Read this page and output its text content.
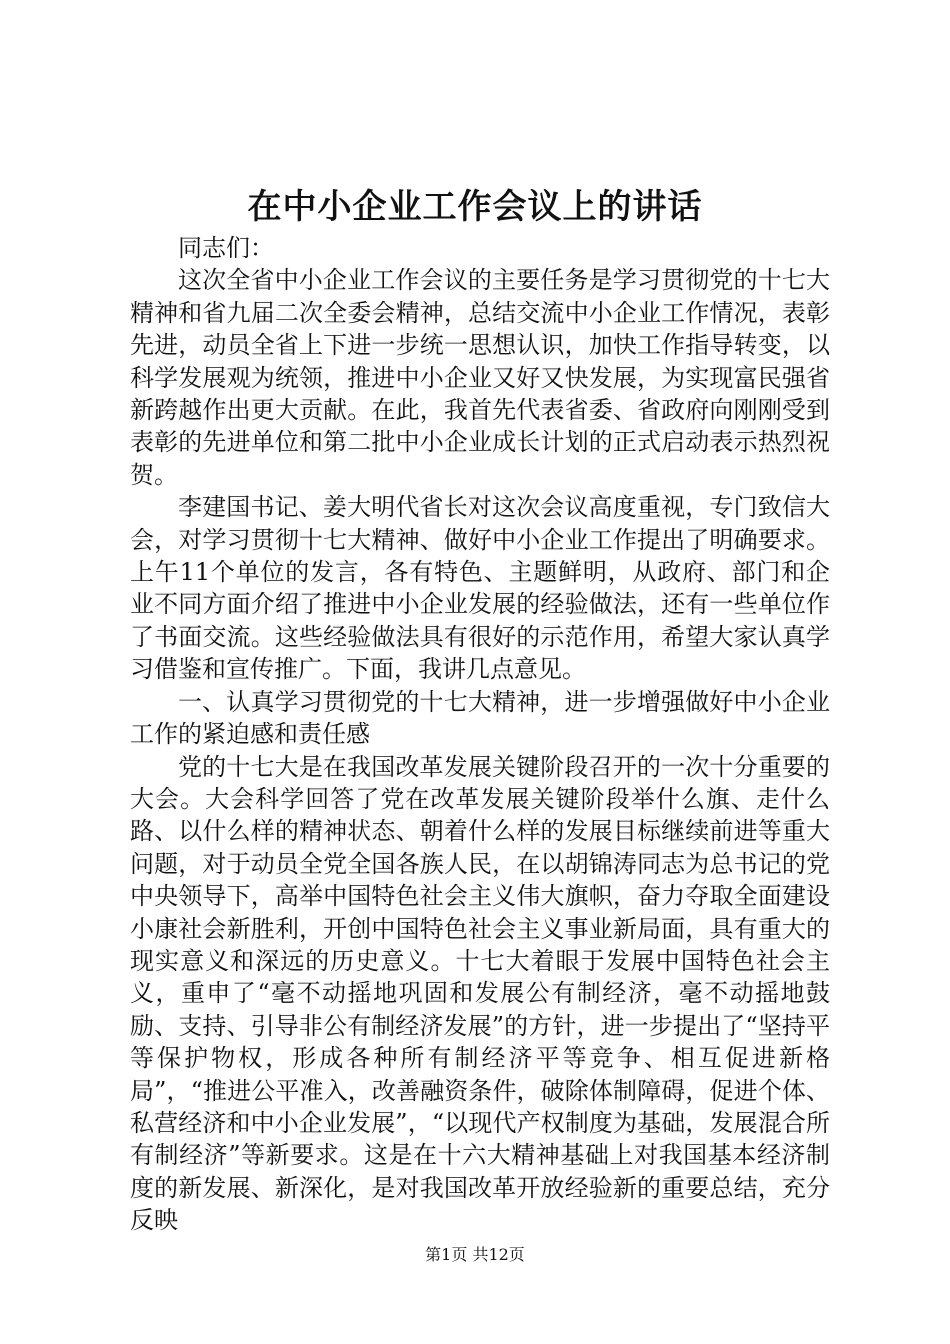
在中小企业工作会议上的讲话

同志们：

这次全省中小企业工作会议的主要任务是学习贯彻党的十七大精神和省九届二次全委会精神，总结交流中小企业工作情况，表彰先进，动员全省上下进一步统一思想认识，加快工作指导转变，以科学发展观为统领，推进中小企业又好又快发展，为实现富民强省新跨越作出更大贡献。在此，我首先代表省委、省政府向刚刚受到表彰的先进单位和第二批中小企业成长计划的正式启动表示热烈祝贺。

李建国书记、姜大明代省长对这次会议高度重视，专门致信大会，对学习贯彻十七大精神、做好中小企业工作提出了明确要求。上午11个单位的发言，各有特色、主题鲜明，从政府、部门和企业不同方面介绍了推进中小企业发展的经验做法，还有一些单位作了书面交流。这些经验做法具有很好的示范作用，希望大家认真学习借鉴和宣传推广。下面，我讲几点意见。

一、认真学习贯彻党的十七大精神，进一步增强做好中小企业工作的紧迫感和责任感

党的十七大是在我国改革发展关键阶段召开的一次十分重要的大会。大会科学回答了党在改革发展关键阶段举什么旗、走什么路、以什么样的精神状态、朝着什么样的发展目标继续前进等重大问题，对于动员全党全国各族人民，在以胡锦涛同志为总书记的党中央领导下，高举中国特色社会主义伟大旗帜，奋力夺取全面建设小康社会新胜利，开创中国特色社会主义事业新局面，具有重大的现实意义和深远的历史意义。十七大着眼于发展中国特色社会主义，重申了“毫不动摇地巩固和发展公有制经济，毫不动摇地鼓励、支持、引导非公有制经济发展”的方针，进一步提出了“坚持平等保护物权，形成各种所有制经济平等竞争、相互促进新格局”，“推进公平准入，改善融资条件，破除体制障碍，促进个体、私营经济和中小企业发展”，“以现代产权制度为基础，发展混合所有制经济”等新要求。这是在十六大精神基础上对我国基本经济制度的新发展、新深化，是对我国改革开放经验新的重要总结，充分反映

第1页 共12页
